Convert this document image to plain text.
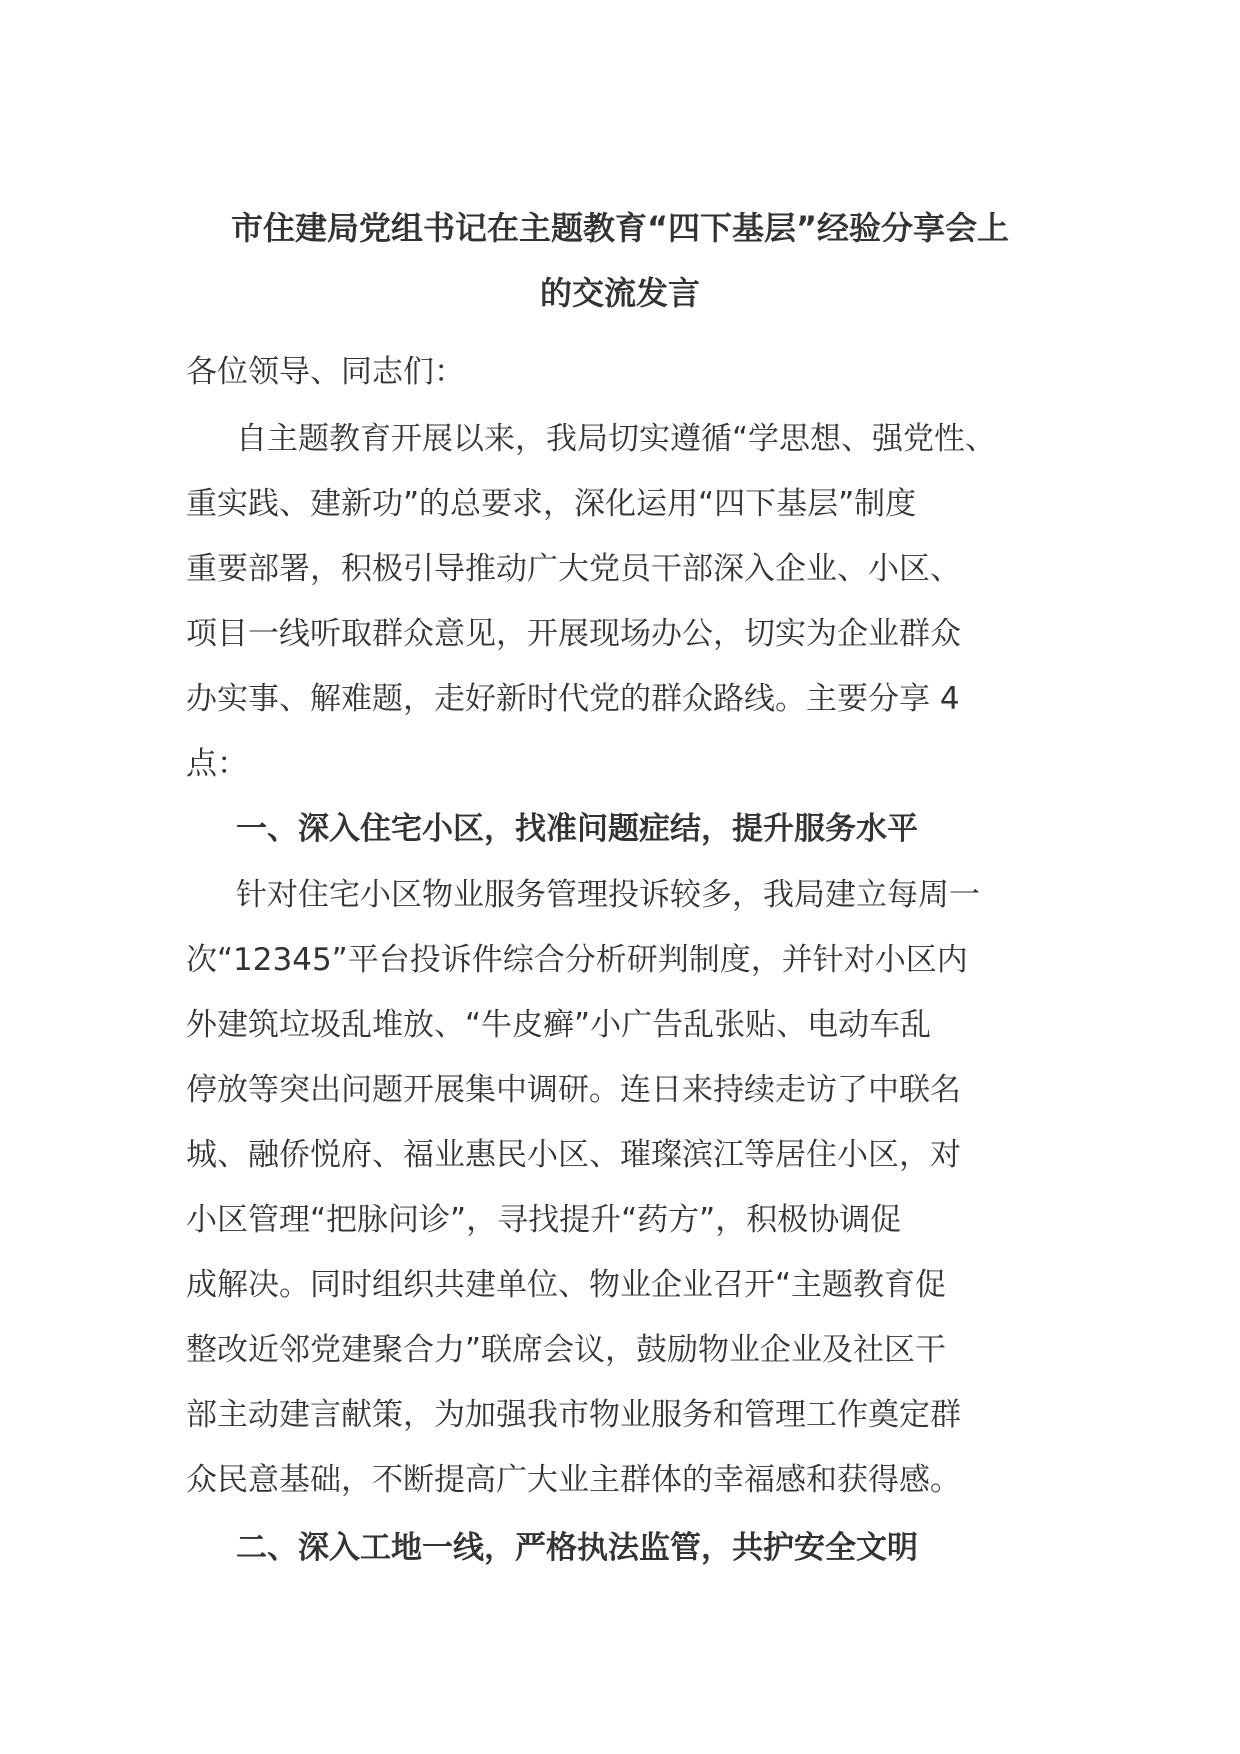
市住建局党组书记在主题教育“四下基层”经验分享会上
的交流发言
各位领导、同志们：
自主题教育开展以来，我局切实遵循“学思想、强党性、
重实践、建新功”的总要求，深化运用“四下基层”制度
重要部署，积极引导推动广大党员干部深入企业、小区、
项目一线听取群众意见，开展现场办公，切实为企业群众
办实事、解难题，走好新时代党的群众路线。主要分享 4
点：
一、深入住宅小区，找准问题症结，提升服务水平
针对住宅小区物业服务管理投诉较多，我局建立每周一
次“12345”平台投诉件综合分析研判制度，并针对小区内
外建筑垃圾乱堆放、“牛皮癣”小广告乱张贴、电动车乱
停放等突出问题开展集中调研。连日来持续走访了中联名
城、融侨悦府、福业惠民小区、璀璨滨江等居住小区，对
小区管理“把脉问诊”，寻找提升“药方”，积极协调促
成解决。同时组织共建单位、物业企业召开“主题教育促
整改近邻党建聚合力”联席会议，鼓励物业企业及社区干
部主动建言献策，为加强我市物业服务和管理工作奠定群
众民意基础，不断提高广大业主群体的幸福感和获得感。
二、深入工地一线，严格执法监管，共护安全文明
